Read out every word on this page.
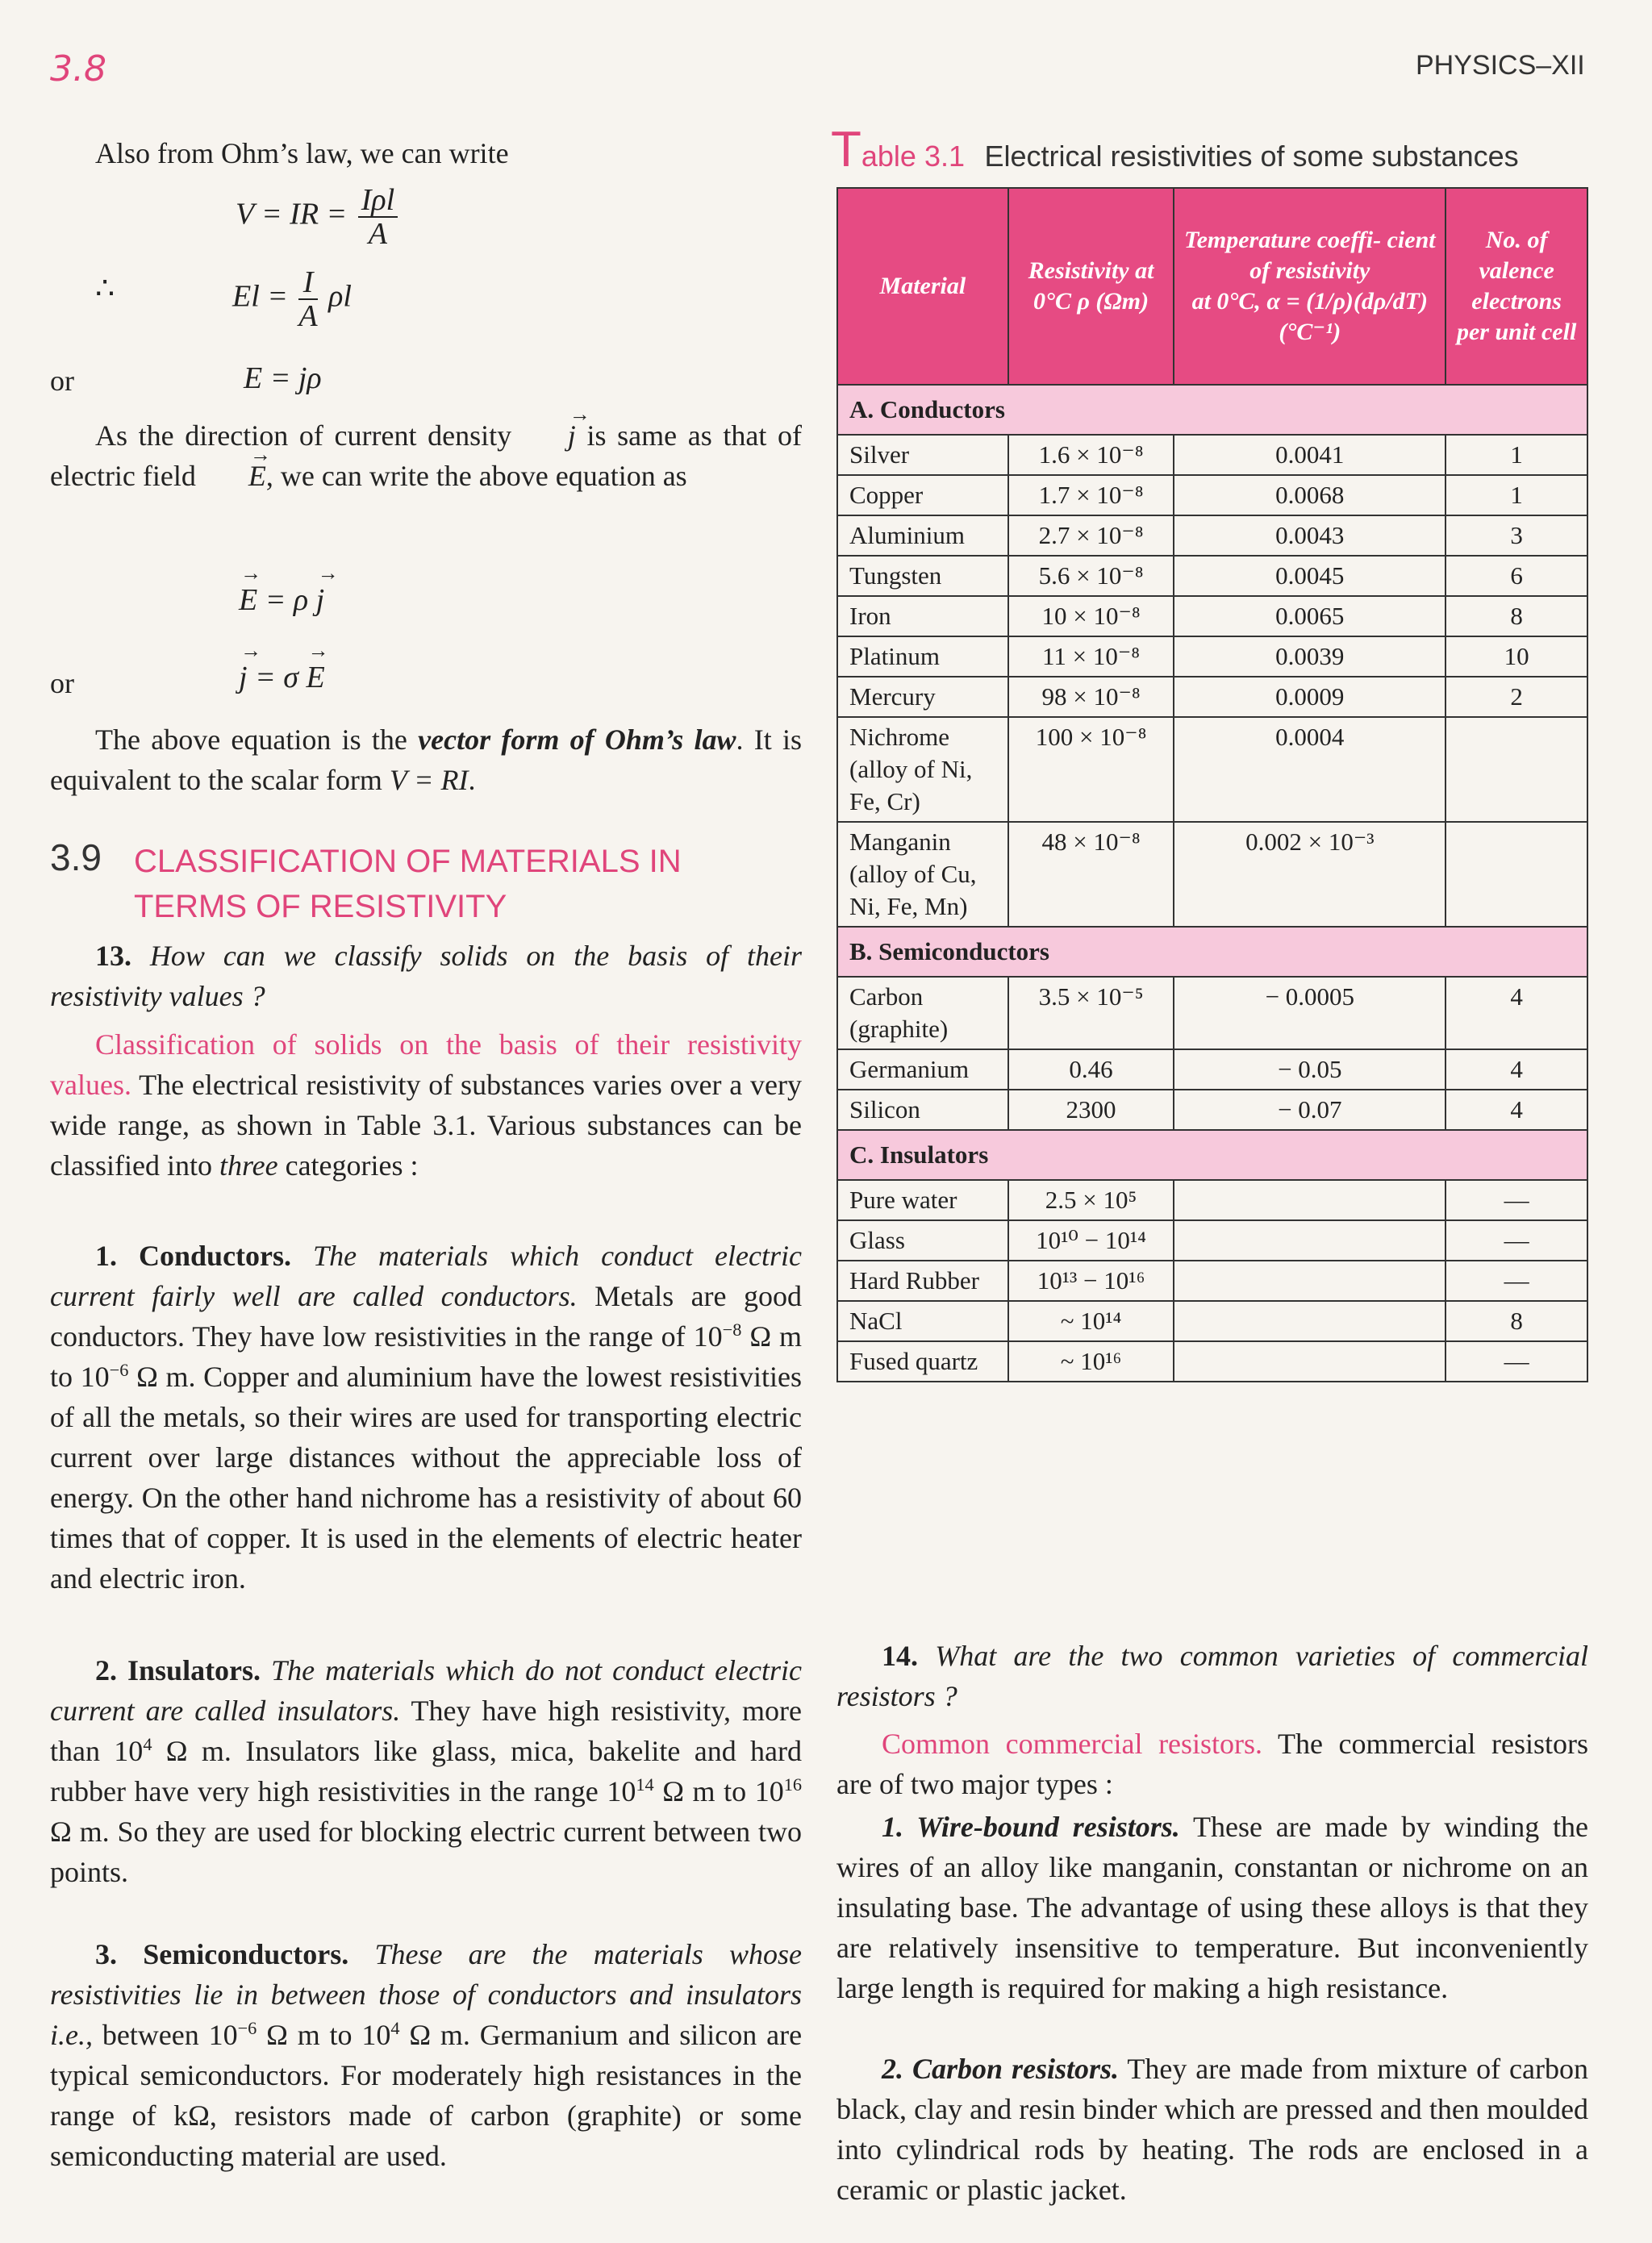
3.8	PHYSICS–XII

Also from Ohm’s law, we can write

V = IR = $\frac{\text{Iρl}}{A}$
∴	$El = \frac{I}{A}$ ρl
or	E = jρ

As the direction of current density → j is same as that of electric field → E, we can write the above equation as

→ E = ρ → j
or	→ j = σ → E

The above equation is the vector form of Ohm’s law. It is equivalent to the scalar form V = RI.

3.9 CLASSIFICATION OF MATERIALS IN
TERMS OF RESISTIVITY

13. How can we classify solids on the basis of their resistivity values ?

Classification of solids on the basis of their resistivity values. The electrical resistivity of substances varies over a very wide range, as shown in Table 3.1. Various substances can be classified into three categories :

1. Conductors. The materials which conduct electric current fairly well are called conductors. Metals are good conductors. They have low resistivities in the range of $10^{-8}$ Ω m to $10^{-6}$ Ω m. Copper and aluminium have the lowest resistivities of all the metals, so their wires are used for transporting electric current over large distances without the appreciable loss of energy. On the other hand nichrome has a resistivity of about 60 times that of copper. It is used in the elements of electric heater and electric iron.

2. Insulators. The materials which do not conduct electric current are called insulators. They have high resistivity, more than $10^4$ Ω m. Insulators like glass, mica, bakelite and hard rubber have very high resistivities in the range $10^{14}$ Ω m to $10^{16}$ Ω m. So they are used for blocking electric current between two points.

3. Semiconductors. These are the materials whose resistivities lie in between those of conductors and insulators i.e., between $10^{-6}$ Ω m to $10^4$ Ω m. Germanium and silicon are typical semiconductors. For moderately high resistances in the range of kΩ, resistors made of carbon (graphite) or some semiconducting material are used.

Table 3.1 Electrical resistivities of some substances
Material	Resistivity at 0°C ρ (Ωm)	Temperature coeffi- cient of resistivity
at 0°C, α = (1/ρ)(dρ/dT)
(°C⁻¹)	No. of valence electrons per unit cell
A. Conductors			
Silver	1.6 × 10⁻⁸	0.0041	1
Copper	1.7 × 10⁻⁸	0.0068	1
Aluminium	2.7 × 10⁻⁸	0.0043	3
Tungsten	5.6 × 10⁻⁸	0.0045	6
Iron	10 × 10⁻⁸	0.0065	8
Platinum	11 × 10⁻⁸	0.0039	10
Mercury	98 × 10⁻⁸	0.0009	2
Nichrome (alloy of Ni, Fe, Cr)	100 × 10⁻⁸	0.0004	
Manganin (alloy of Cu, Ni, Fe, Mn)	48 × 10⁻⁸	0.002 × 10⁻³	
B. Semiconductors			
Carbon (graphite)	3.5 × 10⁻⁵	− 0.0005	4
Germanium	0.46	− 0.05	4
Silicon	2300	− 0.07	4
C. Insulators			
Pure water	2.5 × 10⁵		—
Glass	10¹⁰ − 10¹⁴		—
Hard Rubber	10¹³ − 10¹⁶		—
NaCl	~ 10¹⁴		8
Fused quartz	~ 10¹⁶		—

14. What are the two common varieties of commercial resistors ?

Common commercial resistors. The commercial resistors are of two major types :

1. Wire-bound resistors. These are made by winding the wires of an alloy like manganin, constantan or nichrome on an insulating base. The advantage of using these alloys is that they are relatively insensitive to temperature. But inconveniently large length is required for making a high resistance.

2. Carbon resistors. They are made from mixture of carbon black, clay and resin binder which are pressed and then moulded into cylindrical rods by heating. The rods are enclosed in a ceramic or plastic jacket.
